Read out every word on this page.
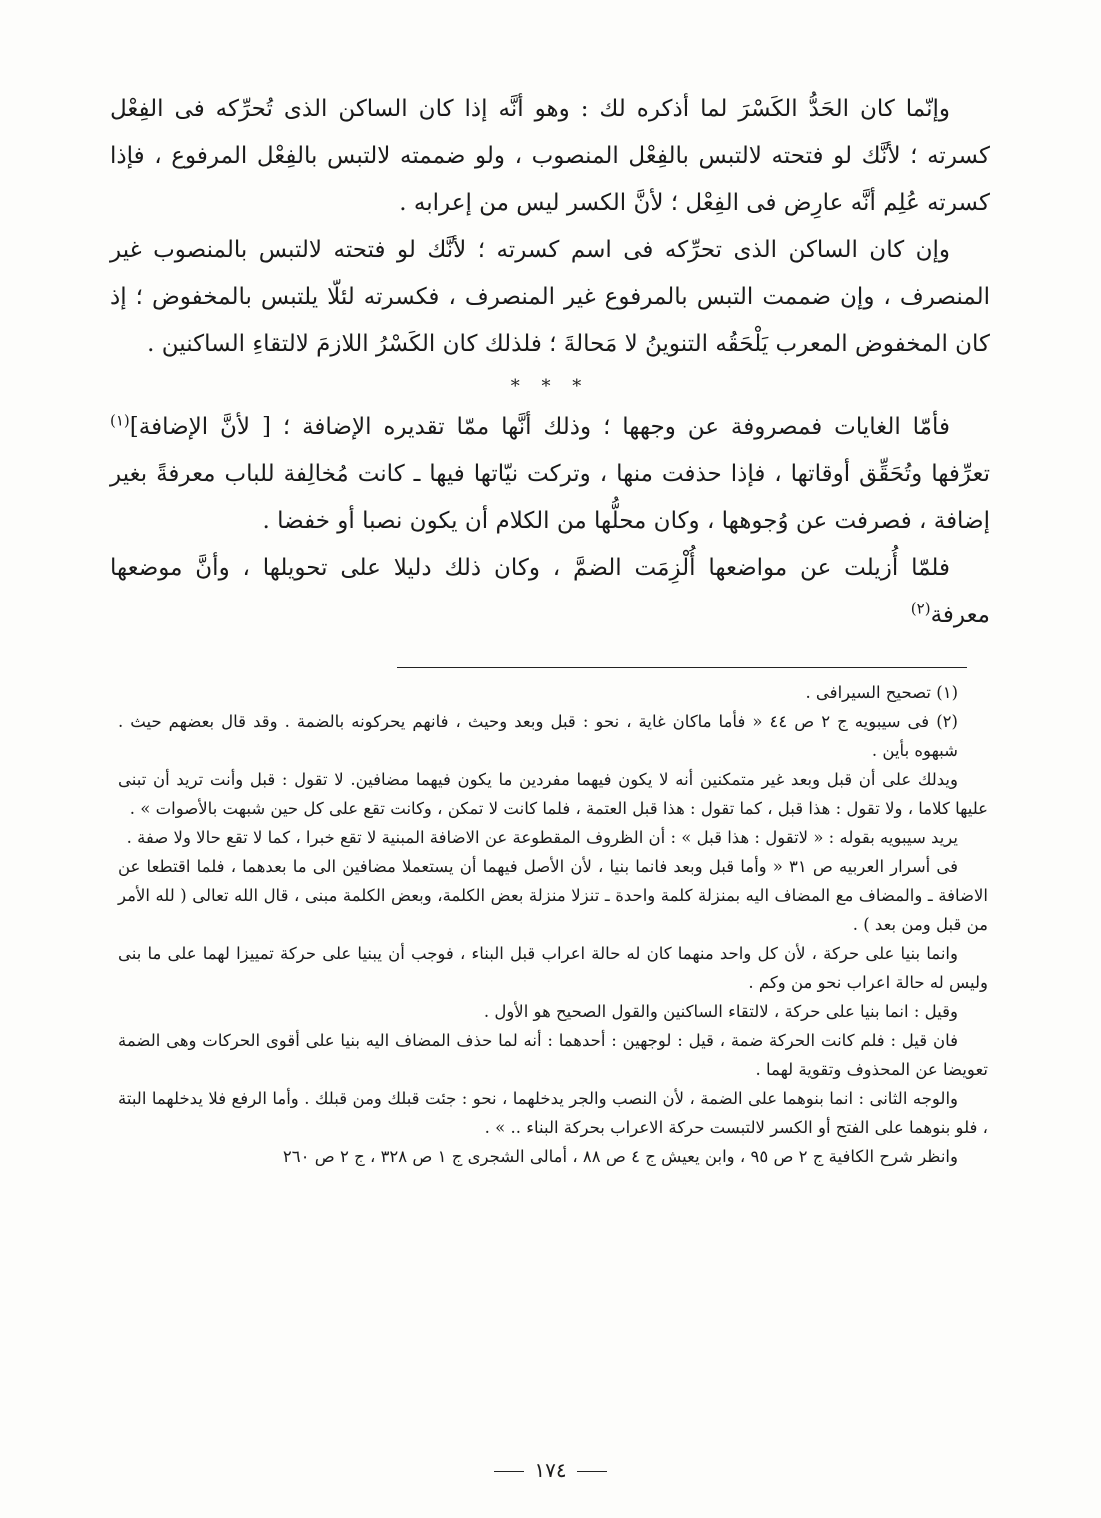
وإنّما كان الحَدُّ الكَسْرَ لما أذكره لك : وهو أنَّه إذا كان الساكن الذى تُحرِّكه فى الفِعْل كسرته ؛ لأنَّك لو فتحته لالتبس بالفِعْل المنصوب ، ولو ضممته لالتبس بالفِعْل المرفوع ، فإذا كسرته عُلِم أنَّه عارِض فى الفِعْل ؛ لأنَّ الكسر ليس من إعرابه .

وإن كان الساكن الذى تحرِّكه فى اسم كسرته ؛ لأنَّك لو فتحته لالتبس بالمنصوب غير المنصرف ، وإن ضممت التبس بالمرفوع غير المنصرف ، فكسرته لئلّا يلتبس بالمخفوض ؛ إذ كان المخفوض المعرب يَلْحَقُه التنوينُ لا مَحالةَ ؛ فلذلك كان الكَسْرُ اللازمَ لالتقاءِ الساكنين .

* * *

فأمّا الغايات فمصروفة عن وجهها ؛ وذلك أنَّها ممّا تقديره الإضافة ؛ [ لأنَّ الإضافة]$^{(١)}$ تعرِّفها وتُحَقِّق أوقاتها ، فإذا حذفت منها ، وتركت نيّاتها فيها ـ كانت مُخالِفة للباب معرفةً بغير إضافة ، فصرفت عن وُجوهها ، وكان محلُّها من الكلام أن يكون نصبا أو خفضا .

فلمّا أُزيلت عن مواضعها أُلْزِمَت الضمَّ ، وكان ذلك دليلا على تحويلها ، وأنَّ موضعها معرفة$^{(٢)}$

(١) تصحيح السيرافى .

(٢) فى سيبويه ج ٢ ص ٤٤ « فأما ماكان غاية ، نحو : قبل وبعد وحيث ، فانهم يحركونه بالضمة . وقد قال بعضهم حيث . شبهوه بأين .

ويدلك على أن قبل وبعد غير متمكنين أنه لا يكون فيهما مفردين ما يكون فيهما مضافين. لا تقول : قبل وأنت تريد أن تبنى عليها كلاما ، ولا تقول : هذا قبل ، كما تقول : هذا قبل العتمة ، فلما كانت لا تمكن ، وكانت تقع على كل حين شبهت بالأصوات » .

يريد سيبويه بقوله : « لاتقول : هذا قبل » : أن الظروف المقطوعة عن الاضافة المبنية لا تقع خبرا ، كما لا تقع حالا ولا صفة .

فى أسرار العربيه ص ٣١ « وأما قبل وبعد فانما بنيا ، لأن الأصل فيهما أن يستعملا مضافين الى ما بعدهما ، فلما اقتطعا عن الاضافة ـ والمضاف مع المضاف اليه بمنزلة كلمة واحدة ـ تنزلا منزلة بعض الكلمة، وبعض الكلمة مبنى ، قال الله تعالى ( لله الأمر من قبل ومن بعد ) .

وانما بنيا على حركة ، لأن كل واحد منهما كان له حالة اعراب قبل البناء ، فوجب أن يبنيا على حركة تمييزا لهما على ما بنى وليس له حالة اعراب نحو من وكم .

وقيل : انما بنيا على حركة ، لالتقاء الساكنين والقول الصحيح هو الأول .

فان قيل : فلم كانت الحركة ضمة ، قيل : لوجهين : أحدهما : أنه لما حذف المضاف اليه بنيا على أقوى الحركات وهى الضمة تعويضا عن المحذوف وتقوية لهما .

والوجه الثانى : انما بنوهما على الضمة ، لأن النصب والجر يدخلهما ، نحو : جئت قبلك ومن قبلك . وأما الرفع فلا يدخلهما البتة ، فلو بنوهما على الفتح أو الكسر لالتبست حركة الاعراب بحركة البناء .. » .

وانظر شرح الكافية ج ٢ ص ٩٥ ، وابن يعيش ج ٤ ص ٨٨ ، أمالى الشجرى ج ١ ص ٣٢٨ ، ج ٢ ص ٢٦٠

١٧٤
